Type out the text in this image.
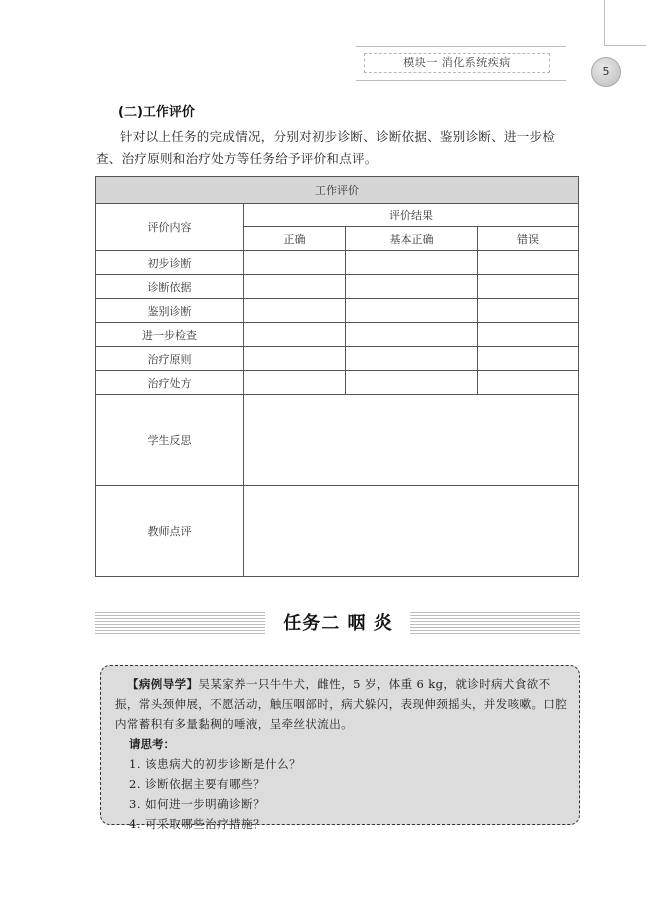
模块一 消化系统疾病
5
(二)工作评价
针对以上任务的完成情况，分别对初步诊断、诊断依据、鉴别诊断、进一步检查、治疗原则和治疗处方等任务给予评价和点评。
工作评价			
评价内容	评价结果		
	正确	基本正确	错误
初步诊断			
诊断依据			
鉴别诊断			
进一步检查			
治疗原则			
治疗处方			
学生反思			
教师点评			
任务二 咽 炎
【病例导学】吴某家养一只牛牛犬，雌性，5 岁，体重 6 kg，就诊时病犬食欲不振，常头颈伸展，不愿活动，触压咽部时，病犬躲闪，表现伸颈摇头，并发咳嗽。口腔内常蓄积有多量黏稠的唾液，呈牵丝状流出。
请思考：
1. 该患病犬的初步诊断是什么？
2. 诊断依据主要有哪些？
3. 如何进一步明确诊断？
4. 可采取哪些治疗措施？
